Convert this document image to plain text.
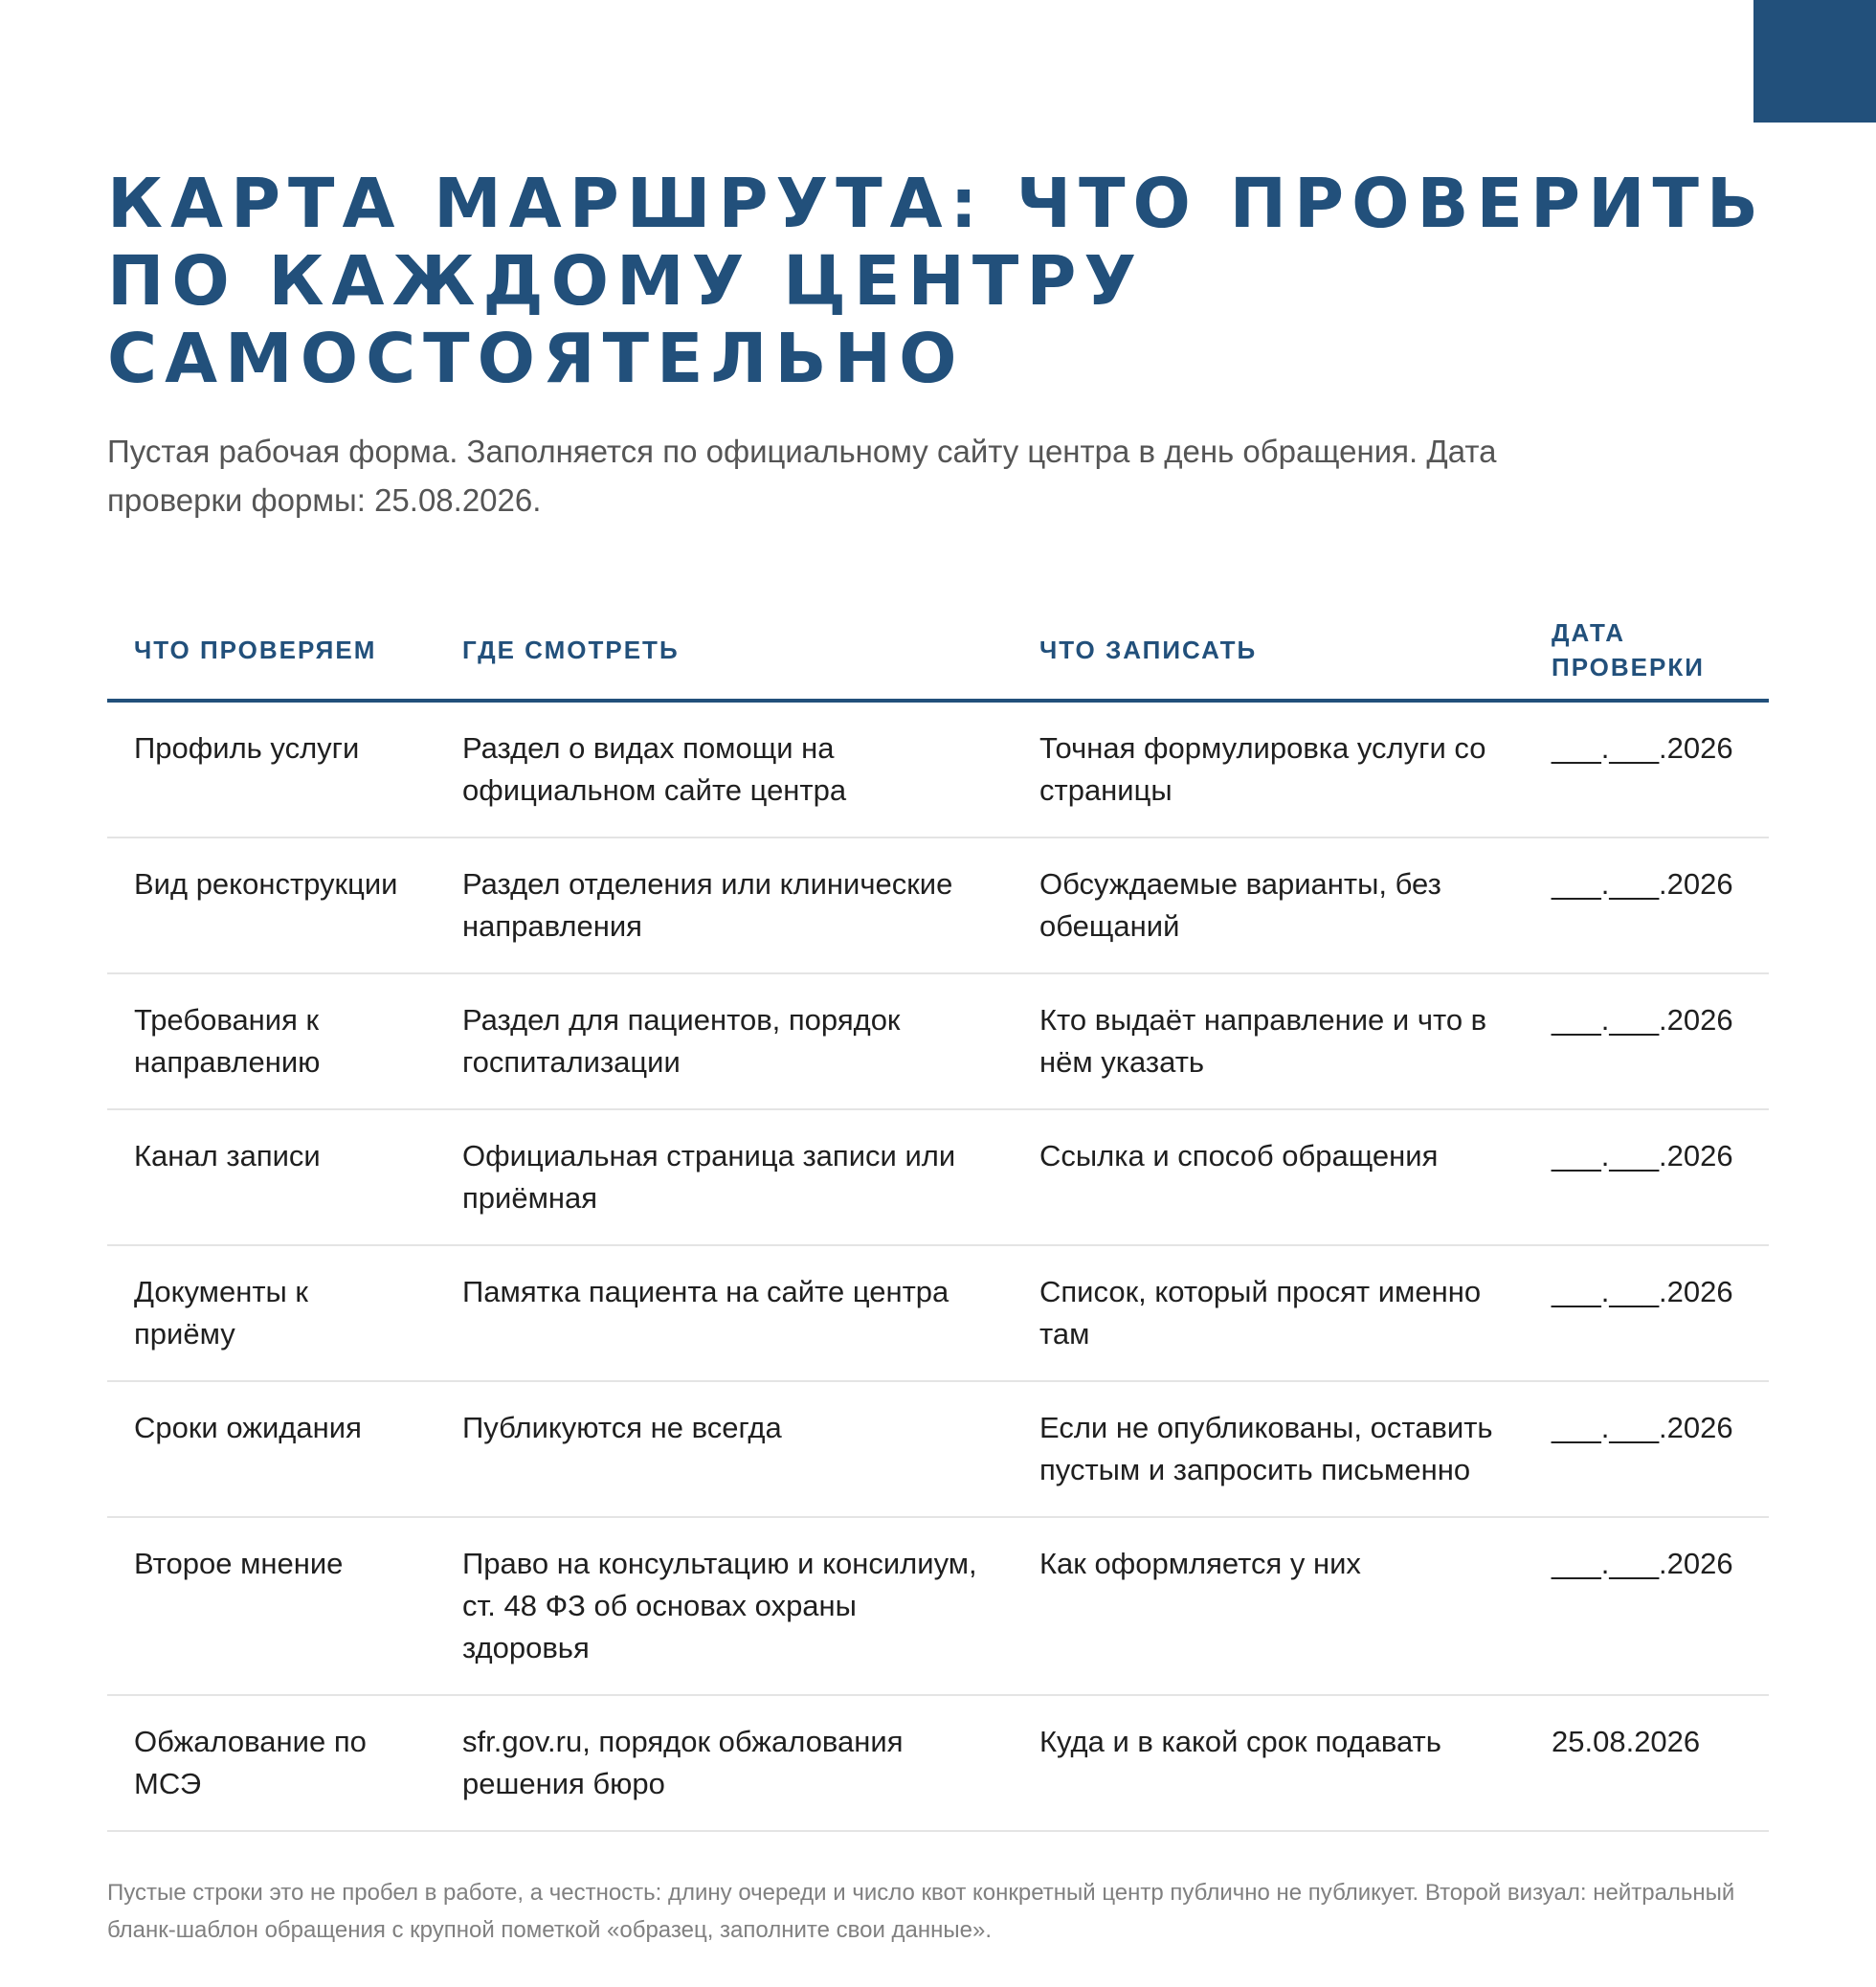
КАРТА МАРШРУТА: ЧТО ПРОВЕРИТЬ ПО КАЖДОМУ ЦЕНТРУ САМОСТОЯТЕЛЬНО

Пустая рабочая форма. Заполняется по официальному сайту центра в день обращения. Дата проверки формы: 25.08.2026.

ЧТО ПРОВЕРЯЕМ	ГДЕ СМОТРЕТЬ	ЧТО ЗАПИСАТЬ	ДАТА ПРОВЕРКИ
Профиль услуги	Раздел о видах помощи на официальном сайте центра	Точная формулировка услуги со страницы	___.___.2026
Вид реконструкции	Раздел отделения или клинические направления	Обсуждаемые варианты, без обещаний	___.___.2026
Требования к направлению	Раздел для пациентов, порядок госпитализации	Кто выдаёт направление и что в нём указать	___.___.2026
Канал записи	Официальная страница записи или приёмная	Ссылка и способ обращения	___.___.2026
Документы к приёму	Памятка пациента на сайте центра	Список, который просят именно там	___.___.2026
Сроки ожидания	Публикуются не всегда	Если не опубликованы, оставить пустым и запросить письменно	___.___.2026
Второе мнение	Право на консультацию и консилиум, ст. 48 ФЗ об основах охраны здоровья	Как оформляется у них	___.___.2026
Обжалование по МСЭ	sfr.gov.ru, порядок обжалования решения бюро	Куда и в какой срок подавать	25.08.2026

Пустые строки это не пробел в работе, а честность: длину очереди и число квот конкретный центр публично не публикует. Второй визуал: нейтральный бланк-шаблон обращения с крупной пометкой «образец, заполните свои данные».
